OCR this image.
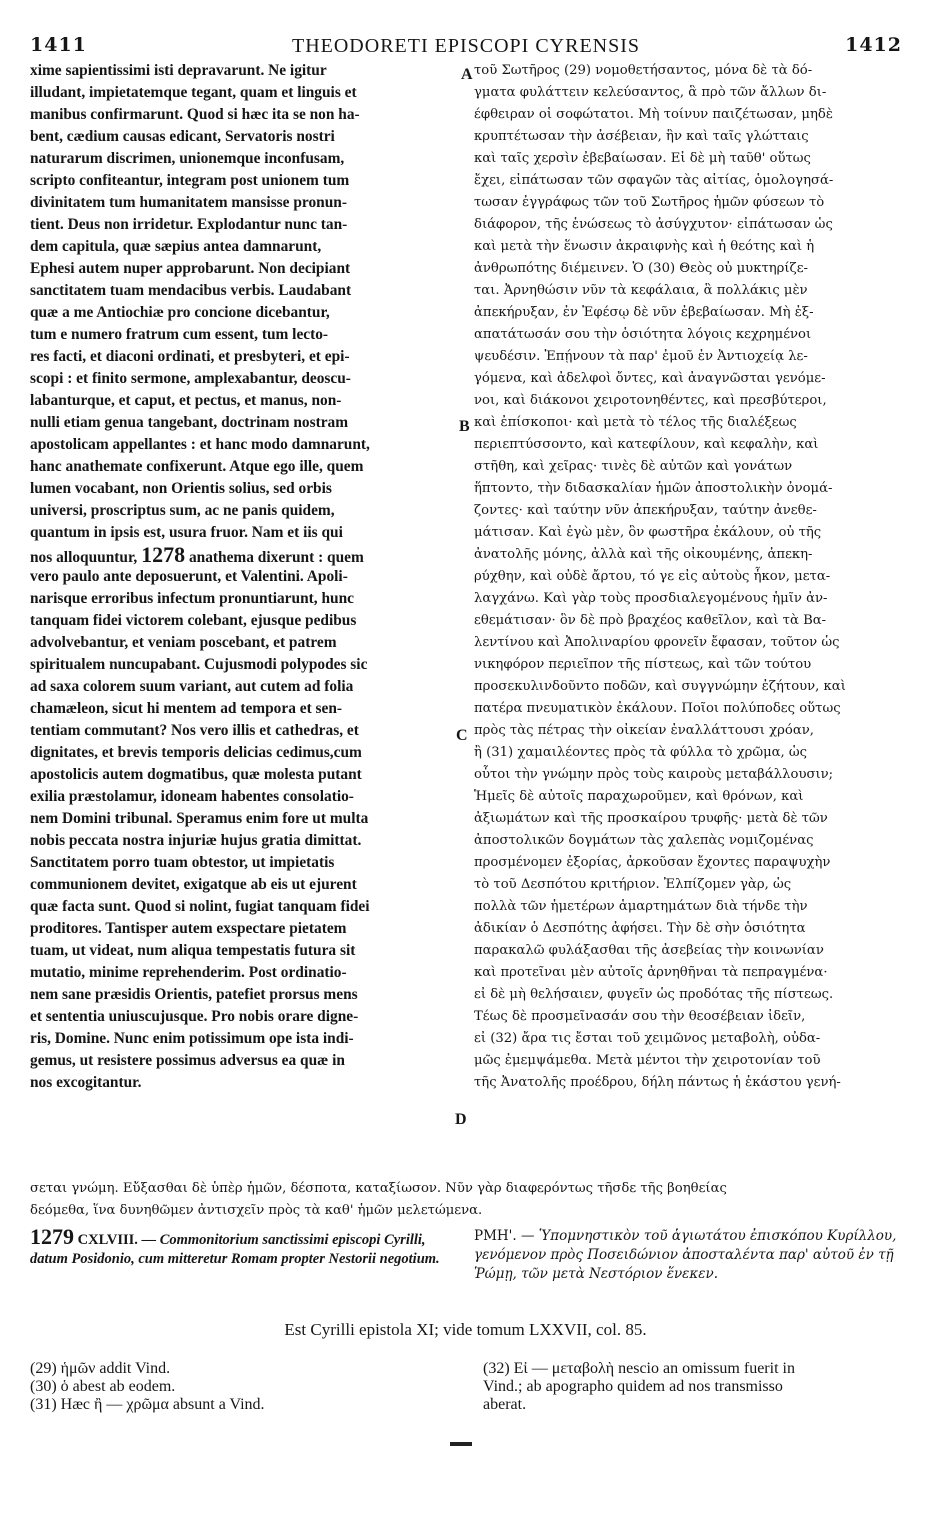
1411	THEODORETI EPISCOPI CYRENSIS	1412
xime sapientissimi isti depravarunt. Ne igitur
illudant, impietatemque tegant, quam et linguis et
manibus confirmarunt. Quod si hæc ita se non ha-
bent, cædium causas edicant, Servatoris nostri
naturarum discrimen, unionemque inconfusam,
scripto confiteantur, integram post unionem tum
divinitatem tum humanitatem mansisse pronun-
tient. Deus non irridetur. Explodantur nunc tan-
dem capitula, quæ sæpius antea damnarunt,
Ephesi autem nuper approbarunt. Non decipiant
sanctitatem tuam mendacibus verbis. Laudabant
quæ a me Antiochiæ pro concione dicebantur,
tum e numero fratrum cum essent, tum lecto-
res facti, et diaconi ordinati, et presbyteri, et epi-
scopi : et finito sermone, amplexabantur, deoscu-
labanturque, et caput, et pectus, et manus, non-
nulli etiam genua tangebant, doctrinam nostram
apostolicam appellantes : et hanc modo damnarunt,
hanc anathemate confixerunt. Atque ego ille, quem
lumen vocabant, non Orientis solius, sed orbis
universi, proscriptus sum, ac ne panis quidem,
quantum in ipsis est, usura fruor. Nam et iis qui
nos alloquuntur, 1278 anathema dixerunt : quem
vero paulo ante deposuerunt, et Valentini. Apoli-
narisque erroribus infectum pronuntiarunt, hunc
tanquam fidei victorem colebant, ejusque pedibus
advolvebantur, et veniam poscebant, et patrem
spiritualem nuncupabant. Cujusmodi polypodes sic
ad saxa colorem suum variant, aut cutem ad folia
chamæleon, sicut hi mentem ad tempora et sen-
tentiam commutant? Nos vero illis et cathedras, et
dignitates, et brevis temporis delicias cedimus,cum
apostolicis autem dogmatibus, quæ molesta putant
exilia præstolamur, idoneam habentes consolatio-
nem Domini tribunal. Speramus enim fore ut multa
nobis peccata nostra injuriæ hujus gratia dimittat.
Sanctitatem porro tuam obtestor, ut impietatis
communionem devitet, exigatque ab eis ut ejurent
quæ facta sunt. Quod si nolint, fugiat tanquam fidei
proditores. Tantisper autem exspectare pietatem
tuam, ut videat, num aliqua tempestatis futura sit
mutatio, minime reprehenderim. Post ordinatio-
nem sane præsidis Orientis, patefiet prorsus mens
et sententia uniuscujusque. Pro nobis orare digne-
ris, Domine. Nunc enim potissimum ope ista indi-
gemus, ut resistere possimus adversus ea quæ in
nos excogitantur.
τοῦ Σωτῆρος (29) νομοθετήσαντος, μόνα δὲ τὰ δό-
γματα φυλάττειν κελεύσαντος, ἃ πρὸ τῶν ἄλλων δι-
έφθειραν οἱ σοφώτατοι. Μὴ τοίνυν παιζέτωσαν, μηδὲ
κρυπτέτωσαν τὴν ἀσέβειαν, ἣν καὶ ταῖς γλώτταις
καὶ ταῖς χερσὶν ἐβεβαίωσαν. Εἰ δὲ μὴ ταῦθ' οὕτως
ἔχει, εἰπάτωσαν τῶν σφαγῶν τὰς αἰτίας, ὁμολογησά-
τωσαν ἐγγράφως τῶν τοῦ Σωτῆρος ἡμῶν φύσεων τὸ
διάφορον, τῆς ἑνώσεως τὸ ἀσύγχυτον· εἰπάτωσαν ὡς
καὶ μετὰ τὴν ἕνωσιν ἀκραιφνὴς καὶ ἡ θεότης καὶ ἡ
ἀνθρωπότης διέμεινεν. Ὁ (30) Θεὸς οὐ μυκτηρίζε-
ται. Ἀρνηθώσιν νῦν τὰ κεφάλαια, ἃ πολλάκις μὲν
ἀπεκήρυξαν, ἐν Ἐφέσῳ δὲ νῦν ἐβεβαίωσαν. Μὴ ἐξ-
απατάτωσάν σου τὴν ὁσιότητα λόγοις κεχρημένοι
ψευδέσιν. Ἐπῄνουν τὰ παρ' ἐμοῦ ἐν Ἀντιοχείᾳ λε-
γόμενα, καὶ ἀδελφοὶ ὄντες, καὶ ἀναγνῶσται γενόμε-
νοι, καὶ διάκονοι χειροτονηθέντες, καὶ πρεσβύτεροι,
καὶ ἐπίσκοποι· καὶ μετὰ τὸ τέλος τῆς διαλέξεως
περιεπτύσσοντο, καὶ κατεφίλουν, καὶ κεφαλὴν, καὶ
στῆθη, καὶ χεῖρας· τινὲς δὲ αὐτῶν καὶ γονάτων
ἥπτοντο, τὴν διδασκαλίαν ἡμῶν ἀποστολικὴν ὀνομά-
ζοντες· καὶ ταύτην νῦν ἀπεκήρυξαν, ταύτην ἀνεθε-
μάτισαν. Καὶ ἐγὼ μὲν, ὃν φωστῆρα ἐκάλουν, οὐ τῆς
ἀνατολῆς μόνης, ἀλλὰ καὶ τῆς οἰκουμένης, ἀπεκη-
ρύχθην, καὶ οὐδὲ ἄρτου, τό γε εἰς αὐτοὺς ἧκον, μετα-
λαγχάνω. Καὶ γὰρ τοὺς προσδιαλεγομένους ἡμῖν ἀν-
εθεμάτισαν· ὃν δὲ πρὸ βραχέος καθεῖλον, καὶ τὰ Βα-
λεντίνου καὶ Ἀπολιναρίου φρονεῖν ἔφασαν, τοῦτον ὡς
νικηφόρον περιεῖπον τῆς πίστεως, καὶ τῶν τούτου
προσεκυλινδοῦντο ποδῶν, καὶ συγγνώμην ἐζήτουν, καὶ
πατέρα πνευματικὸν ἐκάλουν. Ποῖοι πολύποδες οὕτως
πρὸς τὰς πέτρας τὴν οἰκείαν ἐναλλάττουσι χρόαν,
ἢ (31) χαμαιλέοντες πρὸς τὰ φύλλα τὸ χρῶμα, ὡς
οὗτοι τὴν γνώμην πρὸς τοὺς καιροὺς μεταβάλλουσιν;
Ἡμεῖς δὲ αὐτοῖς παραχωροῦμεν, καὶ θρόνων, καὶ
ἀξιωμάτων καὶ τῆς προσκαίρου τρυφῆς· μετὰ δὲ τῶν
ἀποστολικῶν δογμάτων τὰς χαλεπὰς νομιζομένας
προσμένομεν ἐξορίας, ἀρκοῦσαν ἔχοντες παραψυχὴν
τὸ τοῦ Δεσπότου κριτήριον. Ἐλπίζομεν γὰρ, ὡς
πολλὰ τῶν ἡμετέρων ἁμαρτημάτων διὰ τήνδε τὴν
ἀδικίαν ὁ Δεσπότης ἀφήσει. Τὴν δὲ σὴν ὁσιότητα
παρακαλῶ φυλάξασθαι τῆς ἀσεβείας τὴν κοινωνίαν
καὶ προτεῖναι μὲν αὐτοῖς ἀρνηθῆναι τὰ πεπραγμένα·
εἰ δὲ μὴ θελήσαιεν, φυγεῖν ὡς προδότας τῆς πίστεως.
Τέως δὲ προσμεῖνασάν σου τὴν θεοσέβειαν ἰδεῖν,
εἰ (32) ἄρα τις ἔσται τοῦ χειμῶνος μεταβολὴ, οὐδα-
μῶς ἐμεμψάμεθα. Μετὰ μέντοι τὴν χειροτονίαν τοῦ
τῆς Ἀνατολῆς προέδρου, δήλη πάντως ἡ ἑκάστου γενή-
A
B
C
D
σεται γνώμη. Εὔξασθαι δὲ ὑπὲρ ἡμῶν, δέσποτα, καταξίωσον. Νῦν γὰρ διαφερόντως τῆσδε τῆς βοηθείας
δεόμεθα, ἵνα δυνηθῶμεν ἀντισχεῖν πρὸς τὰ καθ' ἡμῶν μελετώμενα.
1279 CXLVIII. — Commonitorium sanctissimi episcopi Cyrilli, datum Posidonio, cum mitteretur Romam propter Nestorii negotium.
ΡΜΗ'. — Ὑπομνηστικὸν τοῦ ἁγιωτάτου ἐπισκόπου Κυρίλλου, γενόμενον πρὸς Ποσειδώνιον ἀποσταλέντα παρ' αὐτοῦ ἐν τῇ Ῥώμῃ, τῶν μετὰ Νεστόριον ἕνεκεν.
Est Cyrilli epistola XI; vide tomum LXXVII, col. 85.
(29) ἡμῶν addit Vind.
(30) ὁ abest ab eodem.
(31) Hæc ἢ — χρῶμα absunt a Vind.
(32) Εἰ — μεταβολὴ nescio an omissum fuerit in
Vind.; ab apographo quidem ad nos transmisso
aberat.
